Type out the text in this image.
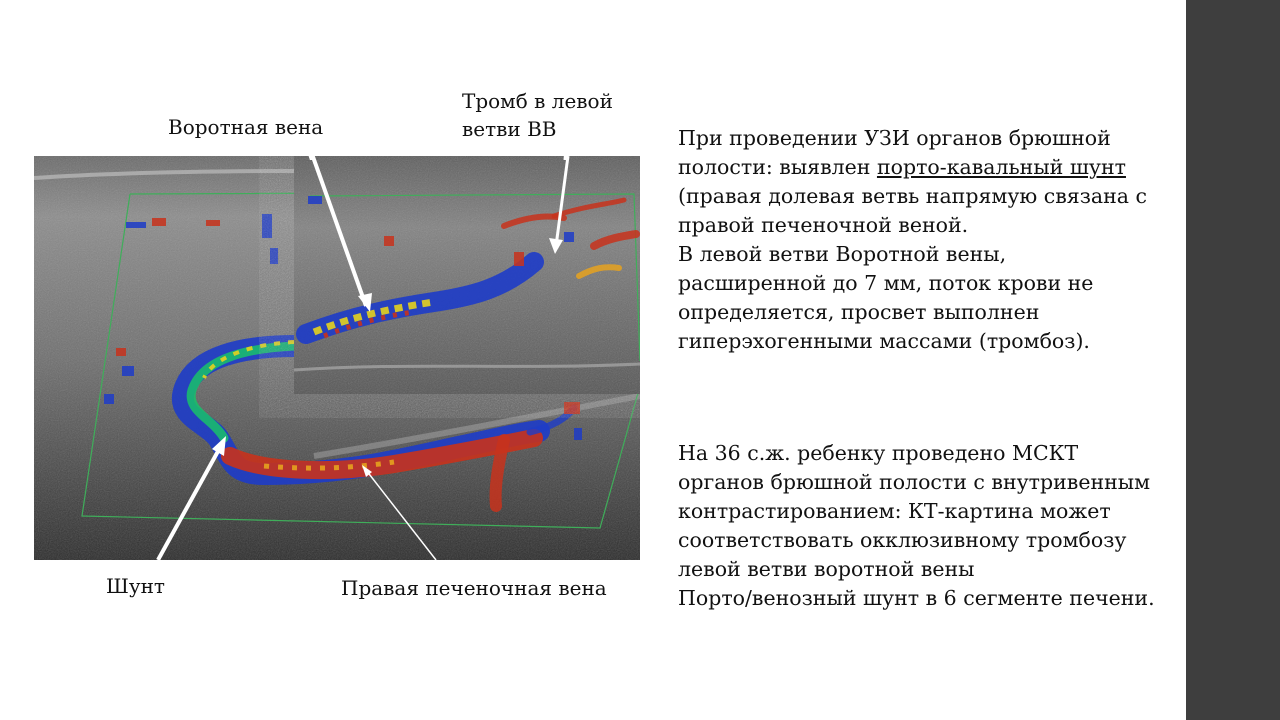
Воротная вена
Тромб в левой
ветви ВВ
Шунт	Правая печеночная вена
При проведении УЗИ органов брюшной полости: выявлен порто-кавальный шунт
(правая долевая ветвь напрямую связана с правой печеночной веной.
В левой ветви Воротной вены, расширенной до 7 мм, поток крови не определяется, просвет выполнен гиперэхогенными массами (тромбоз).
На 36 с.ж. ребенку проведено МСКТ органов брюшной полости с внутривенным контрастированием: КТ-картина может соответствовать окклюзивному тромбозу левой ветви воротной вены
Порто/венозный шунт в 6 сегменте печени.
